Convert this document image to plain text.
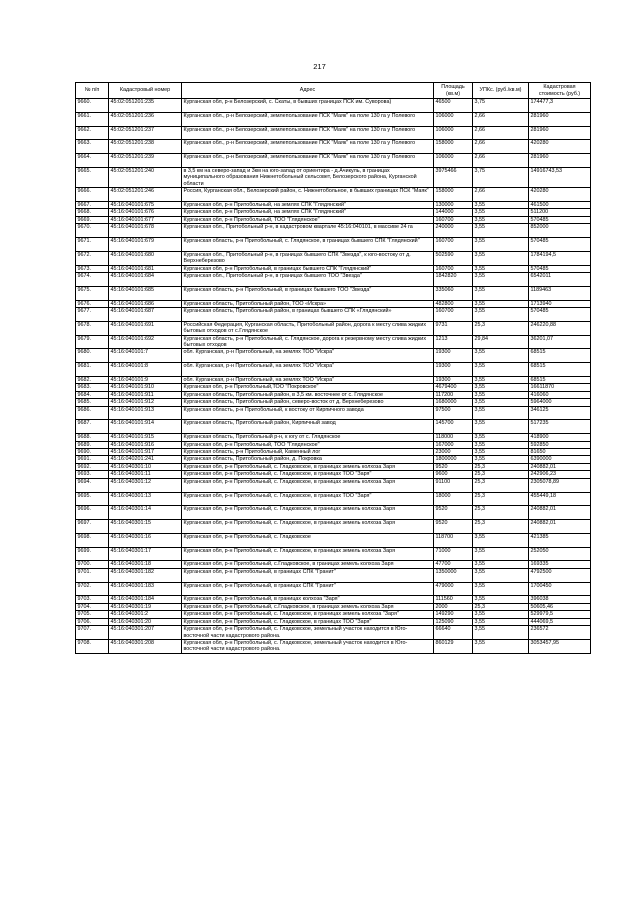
217
№ п/п	Кадастровый номер	Адрес	Площадь (кв.м)	УПКс. (руб./кв.м)	Кадастровая стоимость (руб.)
9660.	45:02:051201:235	Курганская обл, р-н Белозерский, с. Скаты, в бывших границах ПСК им. Суворова)	46500	3,75	174477,3
9661.	45:02:051201:236	Курганская обл., р-н Белозерский, землепользование ПСК "Маяк" на поле 130 га у Полевого	106000	2,66	281960
9662.	45:02:051201:237	Курганская обл., р-н Белозерский, землепользование ПСК "Маяк" на поле 130 га у Полевого	106000	2,66	281960
9663.	45:02:051201:238	Курганская обл., р-н Белозерский, землепользование ПСК "Маяк" на поле 130 га у Полевого	158000	2,66	420280
9664.	45:02:051201:239	Курганская обл., р-н Белозерский, землепользование ПСК "Маяк" на поле 130 га у Полевого	106000	2,66	281960
9665.	45:02:051201:240	в 3,5 км на северо-запад и 3км на юго-запад от ориентира - д.Ачикуль, в границах муниципального образования Нижнетобольный сельсовет, Белозерского района, Курганской области	3975466	3,75	14916743,53
9666.	45:02:051201:246	Россия, Курганская обл., Белозерский район, с. Нижнетобольное, в бывших границах ПСК "Маяк"	158000	2,66	420280
9667.	45:16:040101:675	Курганская обл, р-н Притобольный, на землях СПК "Глядянский"	130000	3,55	461500
9668.	45:16:040101:676	Курганская обл, р-н Притобольный, на землях СПК "Глядянский"	144000	3,55	511200
9669.	45:16:040101:677	Курганская обл, р-н Притобольный, ТОО "Глядянское"	160700	3,55	570485
9670.	45:16:040101:678	Курганская обл., Притобольный р-н, в кадастровом квартале 45:16:040101, в массиве 24 га	240000	3,55	852000
9671.	45:16:040101:679	Курганская область, р-н Притобольный, с. Глядянское, в границах бывшего СПК "Глядянский"	160700	3,55	570485
9672.	45:16:040101:680	Курганская обл., Притобольный р-н, в границах бывшего СПК "Звезда", к юго-востоку от д. Верхнеберезово	502590	3,55	1784194,5
9673.	45:16:040101:681	Курганская обл, р-н Притобольный, в границах бывшего СПК "Глядянский"	160700	3,55	570485
9674.	45:16:040101:684	Курганская обл., Притобольный р-н, в границах бывшего ТОО "Звезда"	1842820	3,55	6542011
9675.	45:16:040101:685	Курганская область, р-н Притобольный, в границах бывшего ТОО "Звезда"	335060	3,55	1189463
9676.	45:16:040101:686	Курганская область, Притобольный район, ТОО «Искра»	482800	3,55	1713940
9677.	45:16:040101:687	Курганская область, Притобольный район, в границах бывшего СПК «Глядянский»	160700	3,55	570485
9678.	45:16:040101:691	Российская Федерация, Курганская область, Притобольный район, дорога к месту слива жидких бытовых отходов от с.Глядянское	9731	25,3	246220,88
9679.	45:16:040101:692	Курганская область, р-н Притобольный, с. Глядянское, дорога к резервному месту слива жидких бытовых отходов	1213	29,84	36201,07
9680.	45:16:040101:7	обл. Курганская, р-н Притобольный, на землях ТОО "Искра"	19300	3,55	68515
9681.	45:16:040101:8	обл. Курганская, р-н Притобольный, на землях ТОО "Искра"	19300	3,55	68515
9682.	45:16:040101:9	обл. Курганская, р-н Притобольный, на землях ТОО "Искра"	19300	3,55	68515
9683.	45:16:040101:910	Курганская обл, р-н Притобольный,ТОО "Покровское"	4679400	3,55	16611870
9684.	45:16:040101:911	Курганская область, Притобольный район, в 3,5 км. восточнее от с. Глядянское	117200	3,55	416060
9685.	45:16:040101:912	Курганская область, Притобольный район, северо-восток от д. Верхнеберезово	1680000	3,55	5964000
9686.	45:16:040101:913	Курганская область, р-н Притобольный, к востоку от Кирпичного завода	97500	3,55	346125
9687.	45:16:040101:914	Курганская область, Притобольный район, Кирпичный завод	145700	3,55	517235
9688.	45:16:040101:915	Курганская область, Притобольный р-н, к югу от с. Глядянское	118000	3,55	418900
9689.	45:16:040101:916	Курганская обл, р-н Притобольный, ТОО "Глядянское"	167000	3,55	592850
9690.	45:16:040101:917	Курганская область, р-н Притобольный, Каменный лог	23000	3,55	81650
9691.	45:16:040201:241	Курганская область, Притобольный район, д. Покровка	1800000	3,55	6390000
9692.	45:16:040301:10	Курганская обл, р-н Притобольный, с. Гладковское, в границах земель колхоза Заря	9520	25,3	240882,01
9693.	45:16:040301:11	Курганская обл, р-н Притобольный, с. Гладковское, в границах ТОО "Заря"	9600	25,3	242906,23
9694.	45:16:040301:12	Курганская обл, р-н Притобольный, с. Гладковское, в границах земель колхоза Заря	91100	25,3	2305078,89
9695.	45:16:040301:13	Курганская обл, р-н Притобольный, с. Гладковское, в границах ТОО "Заря"	18000	25,3	455449,18
9696.	45:16:040301:14	Курганская обл, р-н Притобольный, с. Гладковское, в границах земель колхоза Заря	9520	25,3	240882,01
9697.	45:16:040301:15	Курганская обл, р-н Притобольный, с. Гладковское, в границах земель колхоза Заря	9520	25,3	240882,01
9698.	45:16:040301:16	Курганская обл, р-н Притобольный, с. Гладковское	118700	3,55	421385
9699.	45:16:040301:17	Курганская обл, р-н Притобольный, с. Гладковское, в границах земель колхоза Заря	71000	3,55	252050
9700.	45:16:040301:18	Курганская обл, р-н Притобольный, с.Гладковское, в границах земель колхоза Заря	47700	3,55	169335
9701.	45:16:040301:182	Курганская обл, р-н Притобольный, в границах СПК "Гранит"	1350000	3,55	4792500
9702.	45:16:040301:183	Курганская обл, р-н Притобольный, в границах СПК "Гранит"	479000	3,55	1700450
9703.	45:16:040301:184	Курганская обл, р-н Притобольный, в границах колхоза "Заря"	111560	3,55	396038
9704.	45:16:040301:19	Курганская обл, р-н Притобольный, с.Гладковское, в границах земель колхоза Заря	2000	25,3	50605,46
9705.	45:16:040301:2	Курганская обл, р-н Притобольный, с. Гладковское, в границах земель колхоза "Заря"	149290	3,55	529979,5
9706.	45:16:040301:20	Курганская обл, р-н Притобольный, с. Гладковское, в границах ТОО "Заря"	125090	3,55	444069,5
9707.	45:16:040301:207	Курганская обл, р-н Притобольный, с. Гладковское, земельный участок находится в Юго-восточной части кадастрового района.	66640	3,55	236572
9708.	45:16:040301:208	Курганская обл, р-н Притобольный, с. Гладковское, земельный участок находится в Юго-восточной части кадастрового района.	860129	3,55	3053457,95
